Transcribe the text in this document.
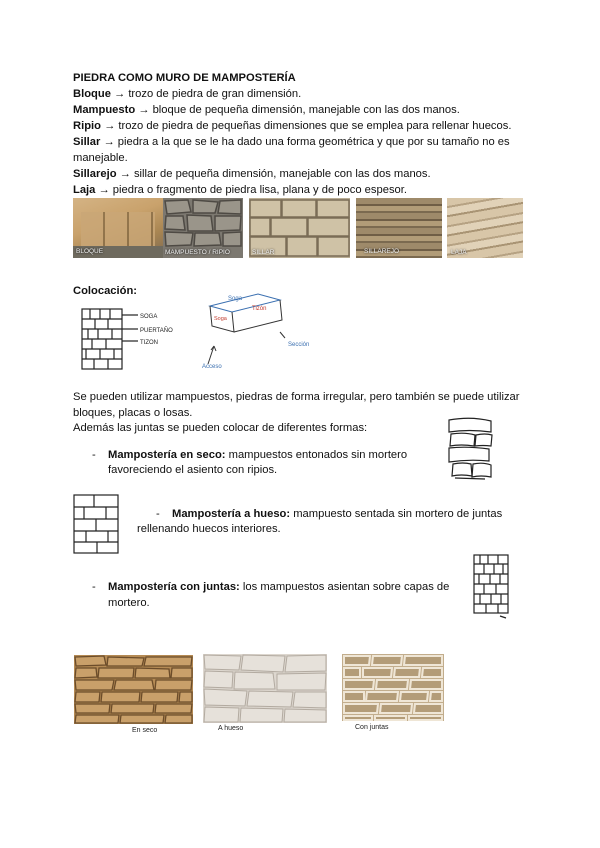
PIEDRA COMO MURO DE MAMPOSTERÍA
Bloque → trozo de piedra de gran dimensión.
Mampuesto → bloque de pequeña dimensión, manejable con las dos manos.
Ripio → trozo de piedra de pequeñas dimensiones que se emplea para rellenar huecos.
Sillar → piedra a la que se le ha dado una forma geométrica y que por su tamaño no es
manejable.
Sillarejo → sillar de pequeña dimensión, manejable con las dos manos.
Laja → piedra o fragmento de piedra lisa, plana y de poco espesor.
BLOQUE	MAMPUESTO / RIPIO	SILLAR	SILLAREJO	LAJA
Colocación:
SOGA
PUERTAÑO
TIZON
Soga
Tizón
Soga
Acceso
Sección
Se pueden utilizar mampuestos, piedras de forma irregular, pero también se puede utilizar
bloques, placas o losas.
Además las juntas se pueden colocar de diferentes formas:
- Mampostería en seco: mampuestos entonados sin mortero
favoreciendo el asiento con ripios.
- Mampostería a hueso: mampuesto sentada sin mortero de juntas
rellenando huecos interiores.
- Mampostería con juntas: los mampuestos asientan sobre capas de
mortero.
En seco	A hueso	Con juntas
